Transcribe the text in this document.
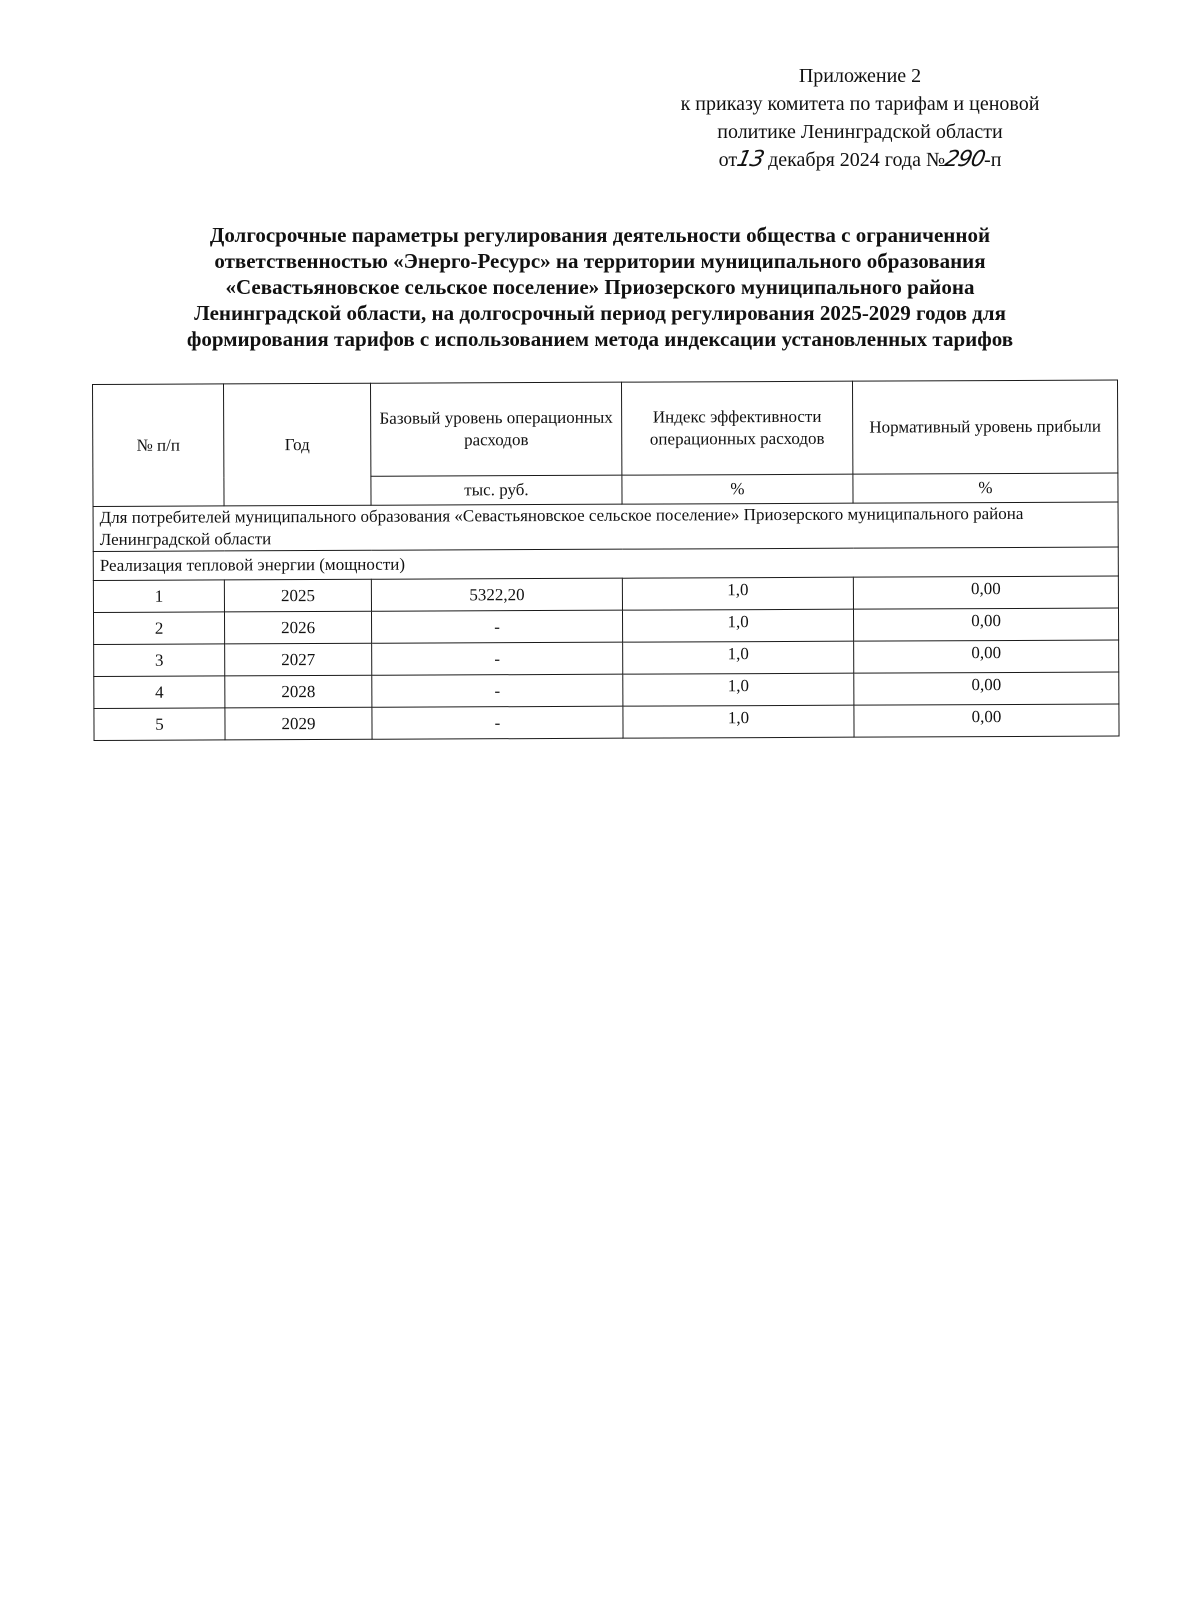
Приложение 2
к приказу комитета по тарифам и ценовой
политике Ленинградской области
от13 декабря 2024 года №290-п
Долгосрочные параметры регулирования деятельности общества с ограниченной
ответственностью «Энерго-Ресурс» на территории муниципального образования
«Севастьяновское сельское поселение» Приозерского муниципального района
Ленинградской области, на долгосрочный период регулирования 2025-2029 годов для
формирования тарифов с использованием метода индексации установленных тарифов
№ п/п	Год	Базовый уровень операционных расходов	Индекс эффективности операционных расходов	Нормативный уровень прибыли
		тыс. руб.	%	%
Для потребителей муниципального образования «Севастьяновское сельское поселение» Приозерского муниципального района Ленинградской области				
Реализация тепловой энергии (мощности)				
1	2025	5322,20	1,0	0,00
2	2026	-	1,0	0,00
3	2027	-	1,0	0,00
4	2028	-	1,0	0,00
5	2029	-	1,0	0,00
